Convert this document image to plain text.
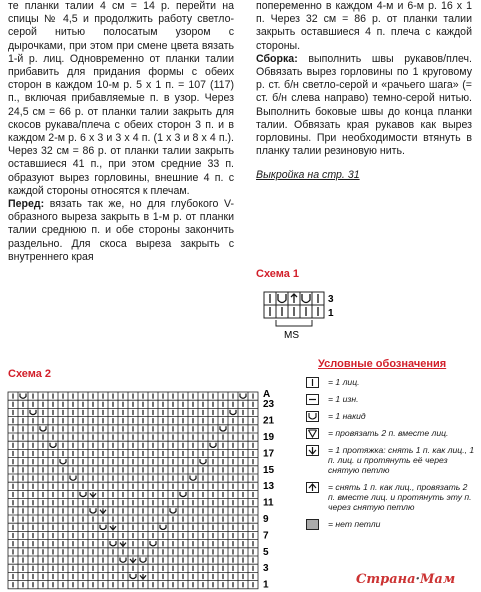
те планки талии 4 см = 14 р. перейти на спицы № 4,5 и продолжить работу светло-серой нитью полосатым узором с дырочками, при этом при смене цвета вязать 1-й р. лиц. Одновременно от планки талии прибавить для придания формы с обеих сторон в каждом 10-м р. 5 х 1 п. = 107 (117) п., включая прибавляемые п. в узор. Через 24,5 см = 66 р. от планки талии закрыть для скосов рукава/плеча с обеих сторон 3 п. и в каждом 2-м р. 6 х 3 и 3 х 4 п. (1 х 3 и 8 х 4 п.). Через 32 см = 86 р. от планки талии закрыть оставшиеся 41 п., при этом средние 33 п. образуют вырез горловины, внешние 4 п. с каждой стороны относятся к плечам.

Перед: вязать так же, но для глубокого V-образного выреза закрыть в 1-м р. от планки талии среднюю п. и обе стороны закончить раздельно. Для скоса выреза закрыть с внутреннего края

попеременно в каждом 4-м и 6-м р. 16 х 1 п. Через 32 см = 86 р. от планки талии закрыть оставшиеся 4 п. плеча с каждой стороны.

Сборка: выполнить швы рукавов/плеч. Обвязать вырез горловины по 1 круговому р. ст. б/н светло-серой и «рачьего шага» (= ст. б/н слева направо) темно-серой нитью. Выполнить боковые швы до конца планки талии. Обвязать края рукавов как вырез горловины. При необходимости втянуть в планку талии резиновую нить.

Выкройка на стр. 31

Схема 1
3
1
MS
Схема 2
A
23
21
19
17
15
13
11
9
7
5
3
1
Условные обозначения
= 1 лиц.
= 1 изн.
= 1 накид
= провязать 2 п. вместе лиц.
= 1 протяжка: снять 1 п. как лиц., 1 п. лиц. и протянуть её через снятую петлю
= снять 1 п. как лиц., провязать 2 п. вместе лиц. и протянуть эту п. через снятую петлю
= нет петли
Страна·Мам
